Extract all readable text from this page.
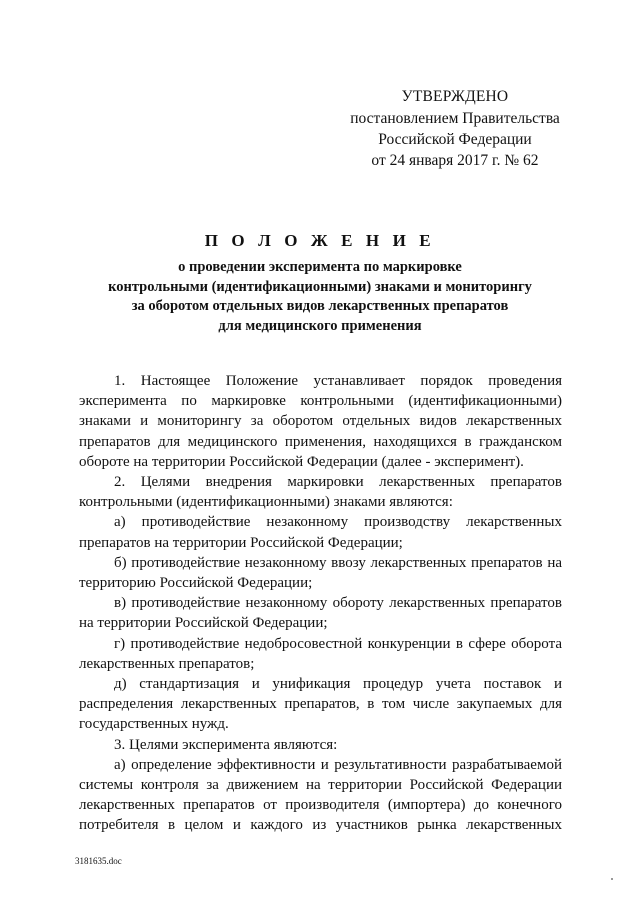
УТВЕРЖДЕНО
постановлением Правительства
Российской Федерации
от 24 января 2017 г. № 62
П О Л О Ж Е Н И Е
о проведении эксперимента по маркировке
контрольными (идентификационными) знаками и мониторингу
за оборотом отдельных видов лекарственных препаратов
для медицинского применения
1. Настоящее Положение устанавливает порядок проведения
эксперимента по маркировке контрольными (идентификационными)
знаками и мониторингу за оборотом отдельных видов лекарственных
препаратов для медицинского применения, находящихся в гражданском
обороте на территории Российской Федерации (далее - эксперимент).
2. Целями внедрения маркировки лекарственных препаратов
контрольными (идентификационными) знаками являются:
а) противодействие незаконному производству лекарственных
препаратов на территории Российской Федерации;
б) противодействие незаконному ввозу лекарственных препаратов на
территорию Российской Федерации;
в) противодействие незаконному обороту лекарственных препаратов
на территории Российской Федерации;
г) противодействие недобросовестной конкуренции в сфере оборота
лекарственных препаратов;
д) стандартизация и унификация процедур учета поставок и
распределения лекарственных препаратов, в том числе закупаемых для
государственных нужд.
3. Целями эксперимента являются:
а) определение эффективности и результативности разрабатываемой
системы контроля за движением на территории Российской Федерации
лекарственных препаратов от производителя (импортера) до конечного
потребителя в целом и каждого из участников рынка лекарственных
3181635.doc
